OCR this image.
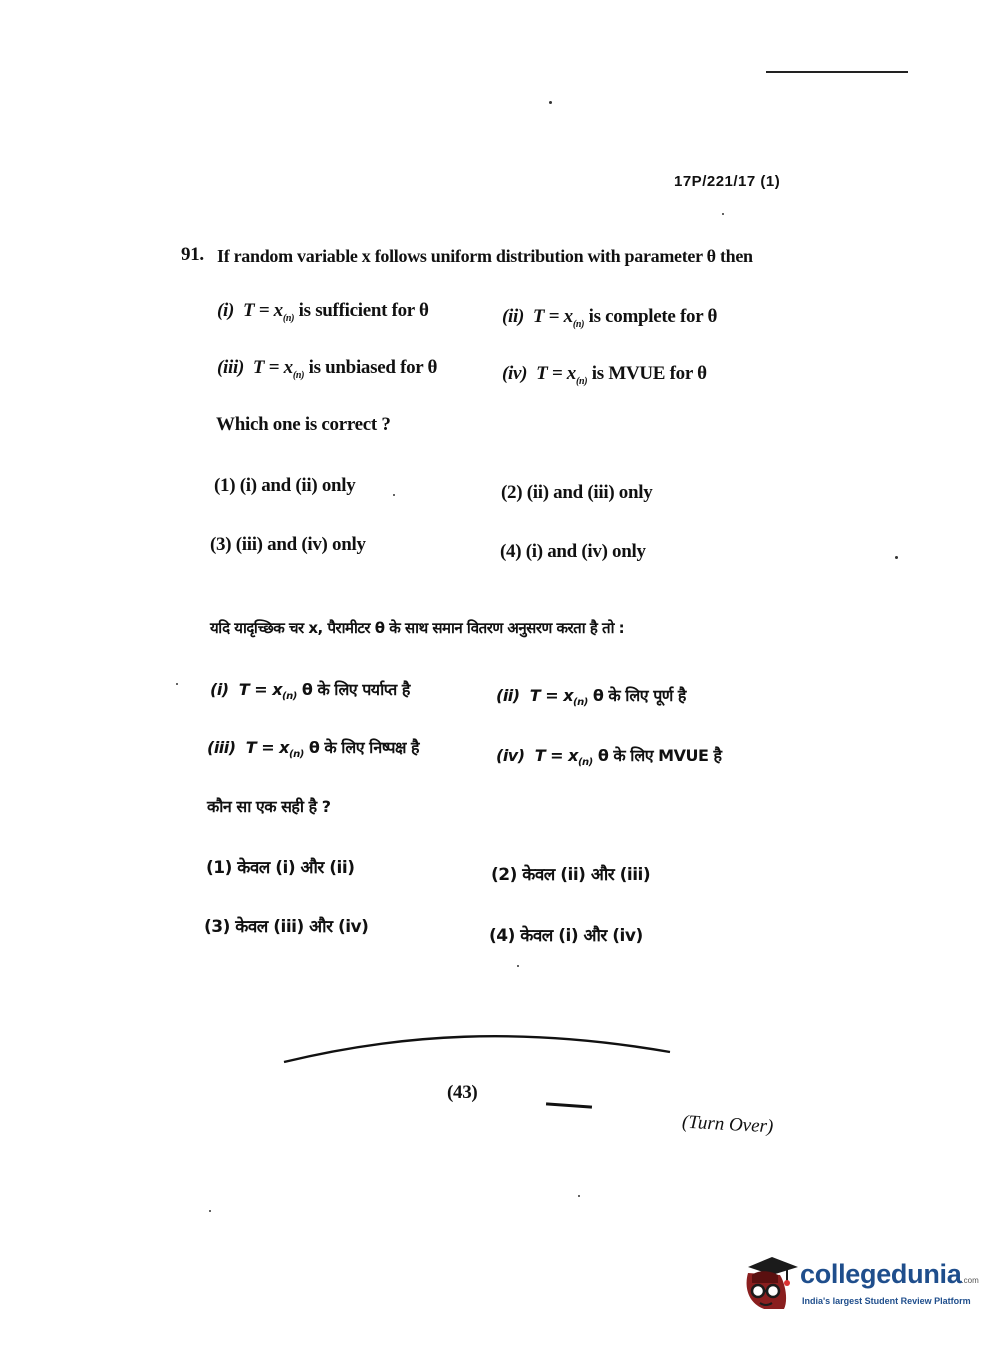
17P/221/17 (1)
91. If random variable x follows uniform distribution with parameter θ then
(i) $T = x_{(n)}$ is sufficient for θ	(ii) $T = x_{(n)}$ is complete for θ
(iii) $T = x_{(n)}$ is unbiased for θ	(iv) $T = x_{(n)}$ is MVUE for θ
Which one is correct ?
(1) (i) and (ii) only	(2) (ii) and (iii) only
(3) (iii) and (iv) only	(4) (i) and (iv) only
यदि यादृच्छिक चर x, पैरामीटर θ के साथ समान वितरण अनुसरण करता है तो :
(i) $T = x_{(n)}$ θ के लिए पर्याप्त है	(ii) $T = x_{(n)}$ θ के लिए पूर्ण है
(iii) $T = x_{(n)}$ θ के लिए निष्पक्ष है	(iv) $T = x_{(n)}$ θ के लिए MVUE है
कौन सा एक सही है ?
(1) केवल (i) और (ii)	(2) केवल (ii) और (iii)
(3) केवल (iii) और (iv)	(4) केवल (i) और (iv)
(43)
(Turn Over)
collegedunia.com
India's largest Student Review Platform
